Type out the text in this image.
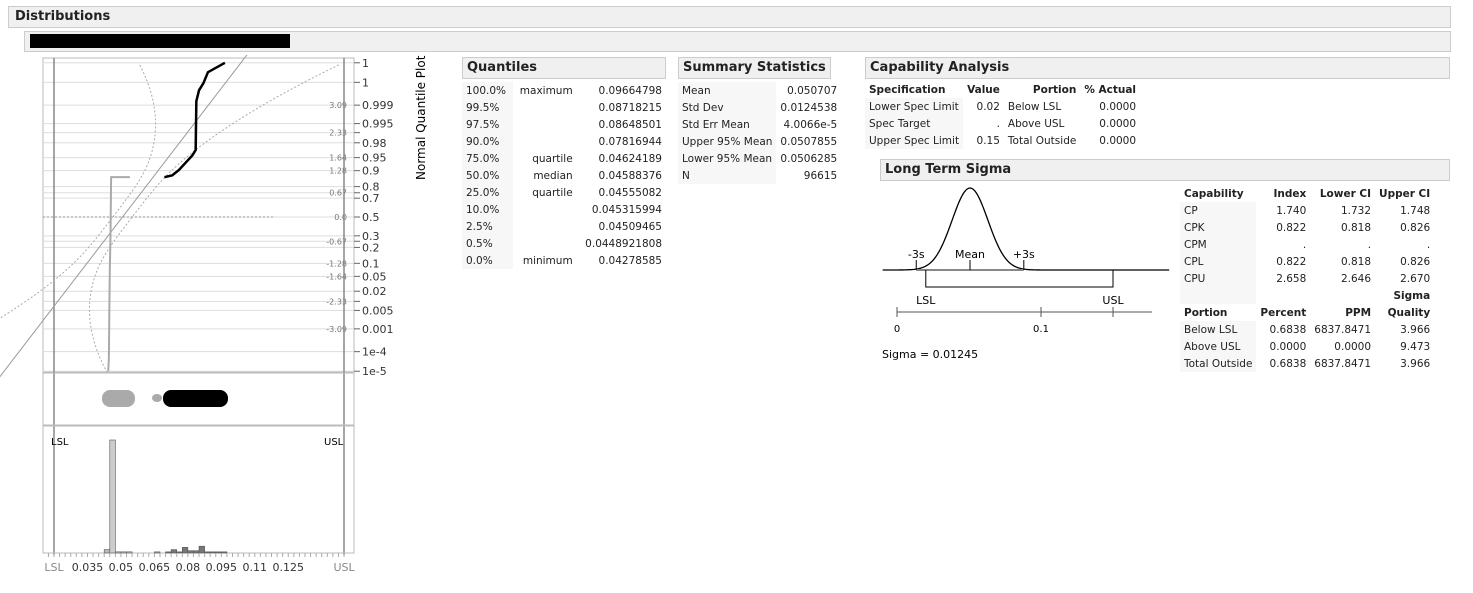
Distributions
1
1
0.999
3.09
0.995
2.33
0.98
0.95
1.64
0.9
1.28
0.8
0.67 0.7
0.5
0.0
0.3
-0.67 0.2
0.1
-1.28
0.05
-1.64
0.02
-2.33
0.005
0.001
-3.09
1e-4
1e-5
Normal Quantile Plot
LSL	USL
LSL 0.035 0.05 0.065 0.08 0.095 0.11 0.125	USL
Quantiles
100.0%	maximum	0.09664798
99.5%		0.08718215
97.5%		0.08648501
90.0%		0.07816944
75.0%	quartile	0.04624189
50.0%	median	0.04588376
25.0%	quartile	0.04555082
10.0%		0.045315994
2.5%		0.04509465
0.5%		0.0448921808
0.0%	minimum	0.04278585
Summary Statistics
Mean	0.050707
Std Dev	0.0124538
Std Err Mean	4.0066e-5
Upper 95% Mean	0.0507855
Lower 95% Mean	0.0506285
N	96615
Capability Analysis
Specification	Value	Portion	% Actual
Lower Spec Limit	0.02	Below LSL	0.0000
Spec Target	.	Above USL	0.0000
Upper Spec Limit	0.15	Total Outside	0.0000
Long Term Sigma
-3s	Mean	+3s
LSL	USL
0	0.1
Sigma = 0.01245
Capability	Index	Lower CI	Upper CI
CP	1.740	1.732	1.748
CPK	0.822	0.818	0.826
CPM	.	.	.
CPL	0.822	0.818	0.826
CPU	2.658	2.646	2.670
			Sigma
Portion	Percent	PPM	Quality
Below LSL	0.6838	6837.8471	3.966
Above USL	0.0000	0.0000	9.473
Total Outside	0.6838	6837.8471	3.966
